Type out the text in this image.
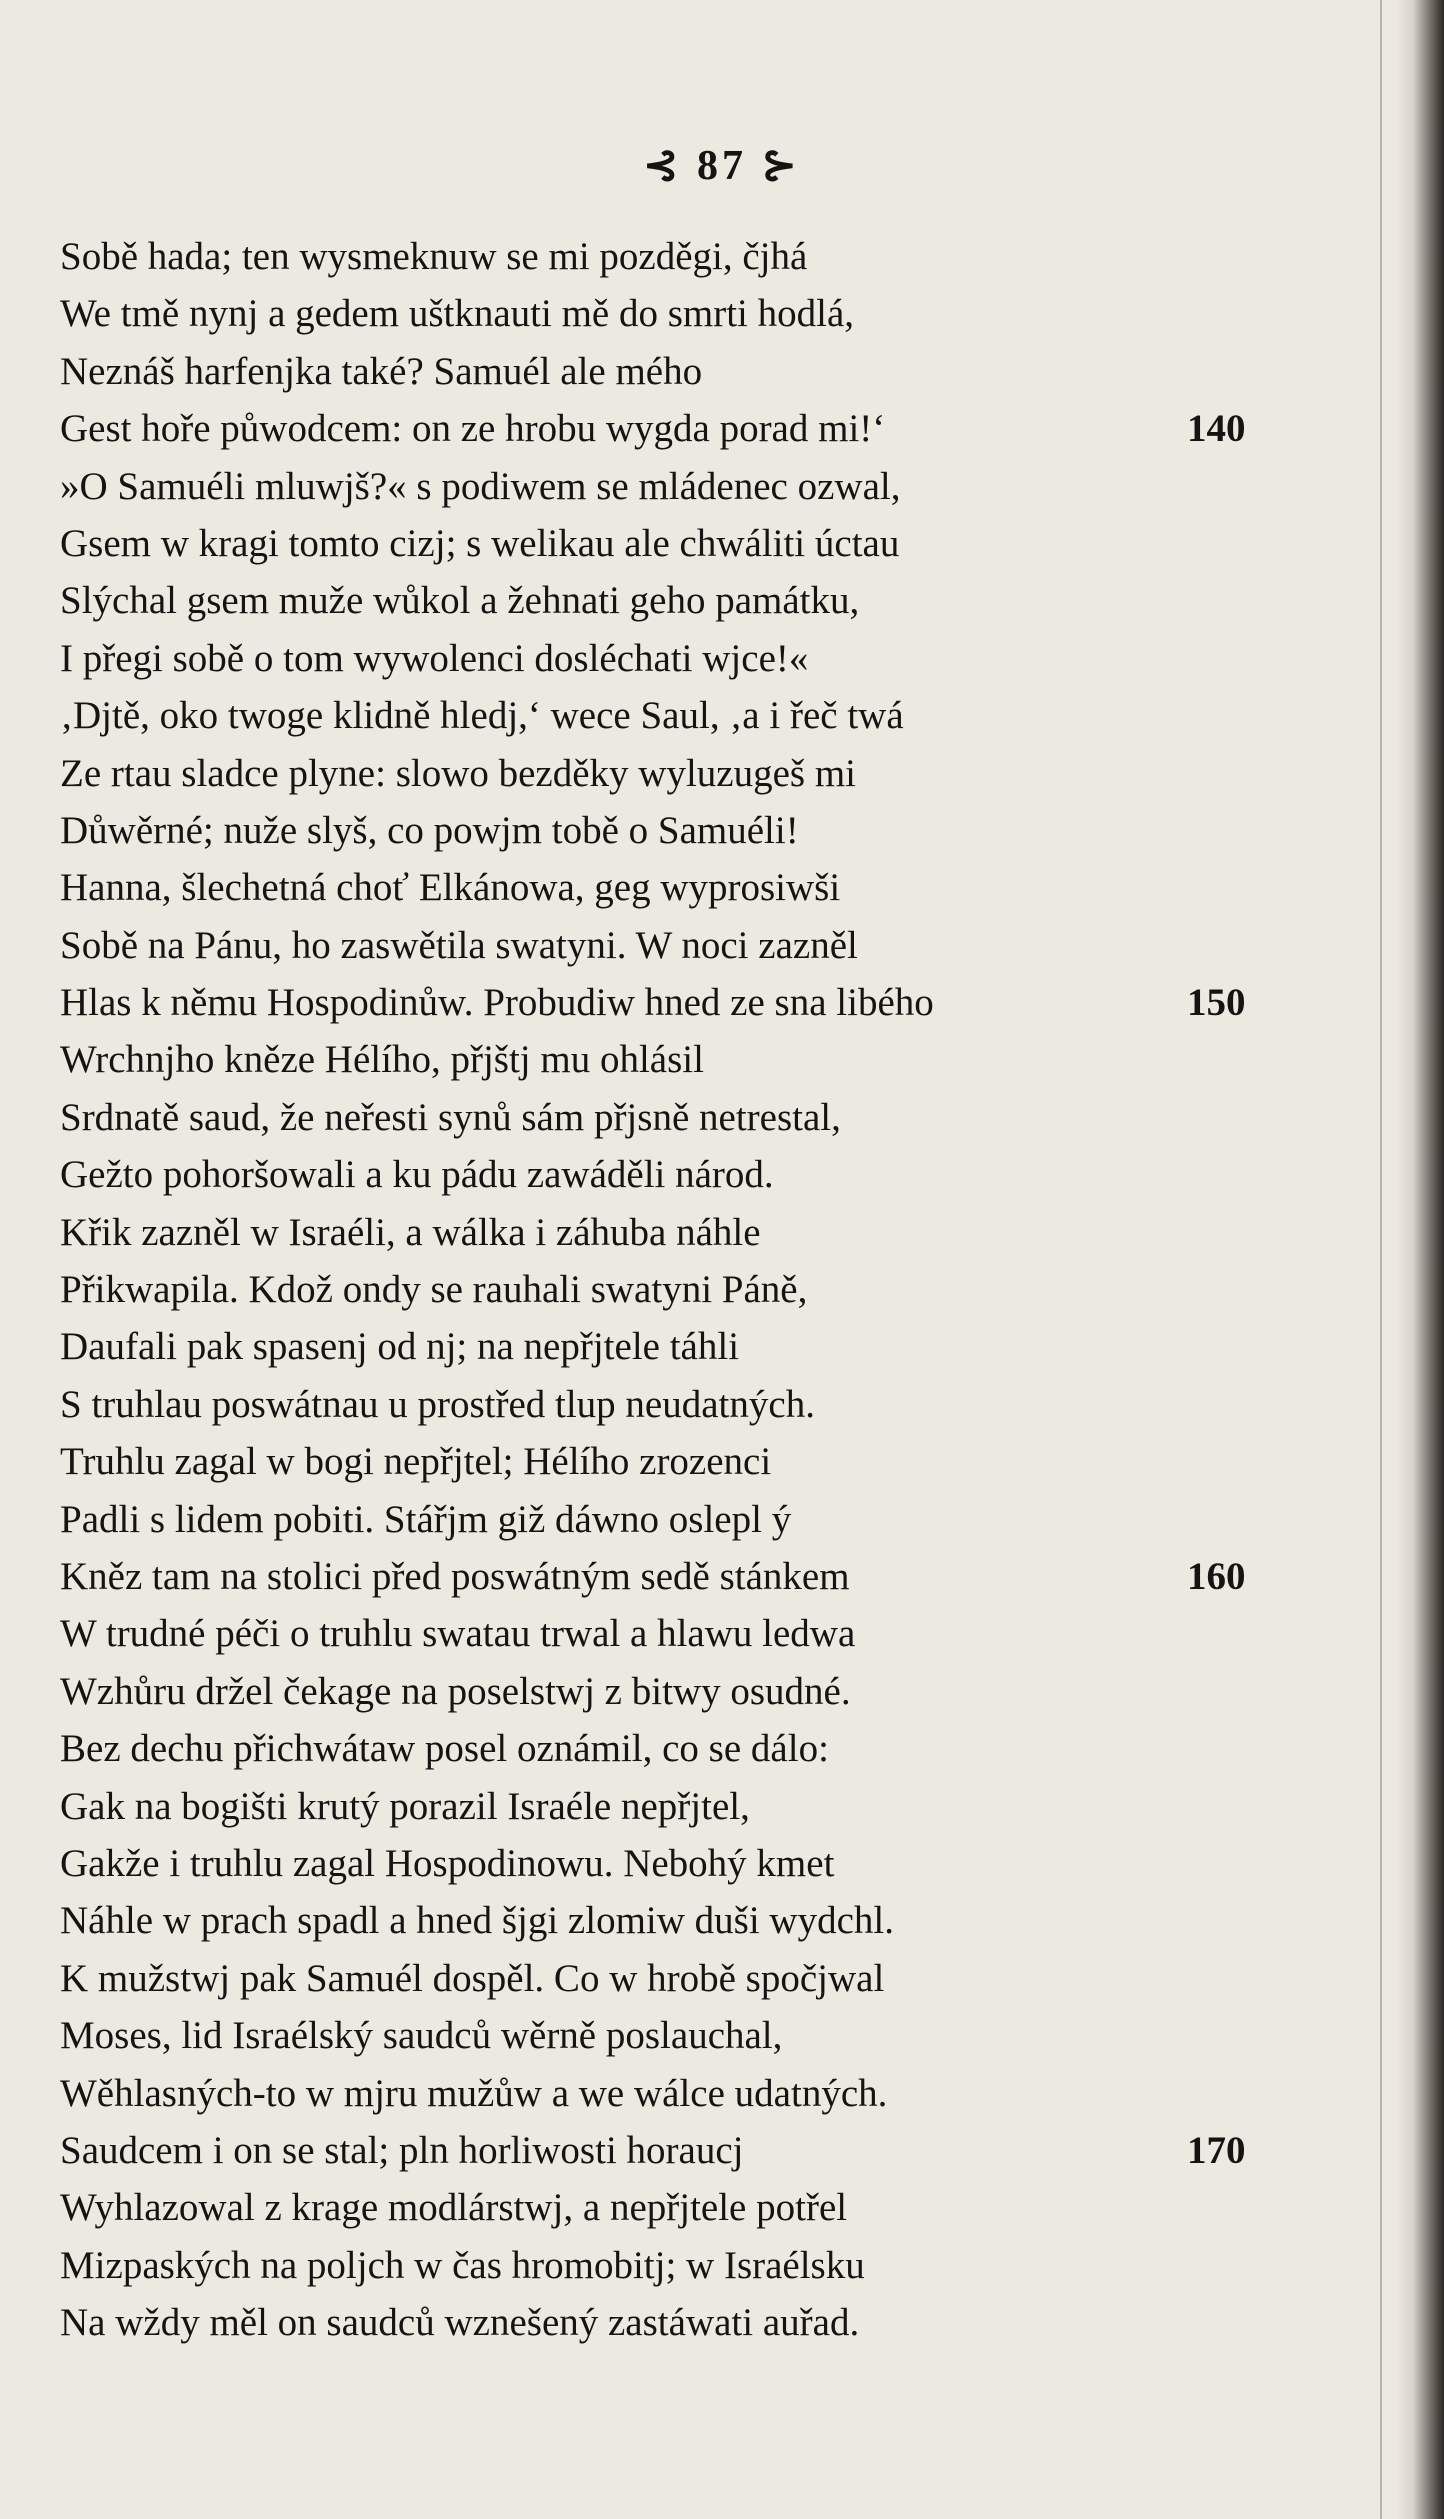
⊰ 87 ⊱
Sobě hada; ten wysmeknuw se mi pozděgi, čjhá
We tmě nynj a gedem uštknauti mě do smrti hodlá,
Neznáš harfenjka také? Samuél ale mého
Gest hoře půwodcem: on ze hrobu wygda porad mi!‘	140
»O Samuéli mluwjš?« s podiwem se mládenec ozwal,
Gsem w kragi tomto cizj; s welikau ale chwáliti úctau
Slýchal gsem muže wůkol a žehnati geho památku,
I přegi sobě o tom wywolenci dosléchati wjce!«
‚Djtě, oko twoge klidně hledj,‘ wece Saul, ‚a i řeč twá
Ze rtau sladce plyne: slowo bezděky wyluzugeš mi
Důwěrné; nuže slyš, co powjm tobě o Samuéli!
Hanna, šlechetná choť Elkánowa, geg wyprosiwši
Sobě na Pánu, ho zaswětila swatyni. W noci zazněl
Hlas k němu Hospodinůw. Probudiw hned ze sna libého	150
Wrchnjho kněze Hélího, přjštj mu ohlásil
Srdnatě saud, že neřesti synů sám přjsně netrestal,
Gežto pohoršowali a ku pádu zawáděli národ.
Křik zazněl w Israéli, a wálka i záhuba náhle
Přikwapila. Kdož ondy se rauhali swatyni Páně,
Daufali pak spasenj od nj; na nepřjtele táhli
S truhlau poswátnau u prostřed tlup neudatných.
Truhlu zagal w bogi nepřjtel; Hélího zrozenci
Padli s lidem pobiti. Stářjm giž dáwno oslepl ý
Kněz tam na stolici před poswátným sedě stánkem	160
W trudné péči o truhlu swatau trwal a hlawu ledwa
Wzhůru držel čekage na poselstwj z bitwy osudné.
Bez dechu přichwátaw posel oznámil, co se dálo:
Gak na bogišti krutý porazil Israéle nepřjtel,
Gakže i truhlu zagal Hospodinowu. Nebohý kmet
Náhle w prach spadl a hned šjgi zlomiw duši wydchl.
K mužstwj pak Samuél dospěl. Co w hrobě spočjwal
Moses, lid Israélský saudců wěrně poslauchal,
Wěhlasných-to w mjru mužůw a we wálce udatných.
Saudcem i on se stal; pln horliwosti horaucj	170
Wyhlazowal z krage modlárstwj, a nepřjtele potřel
Mizpaských na poljch w čas hromobitj; w Israélsku
Na wždy měl on saudců wznešený zastáwati auřad.
